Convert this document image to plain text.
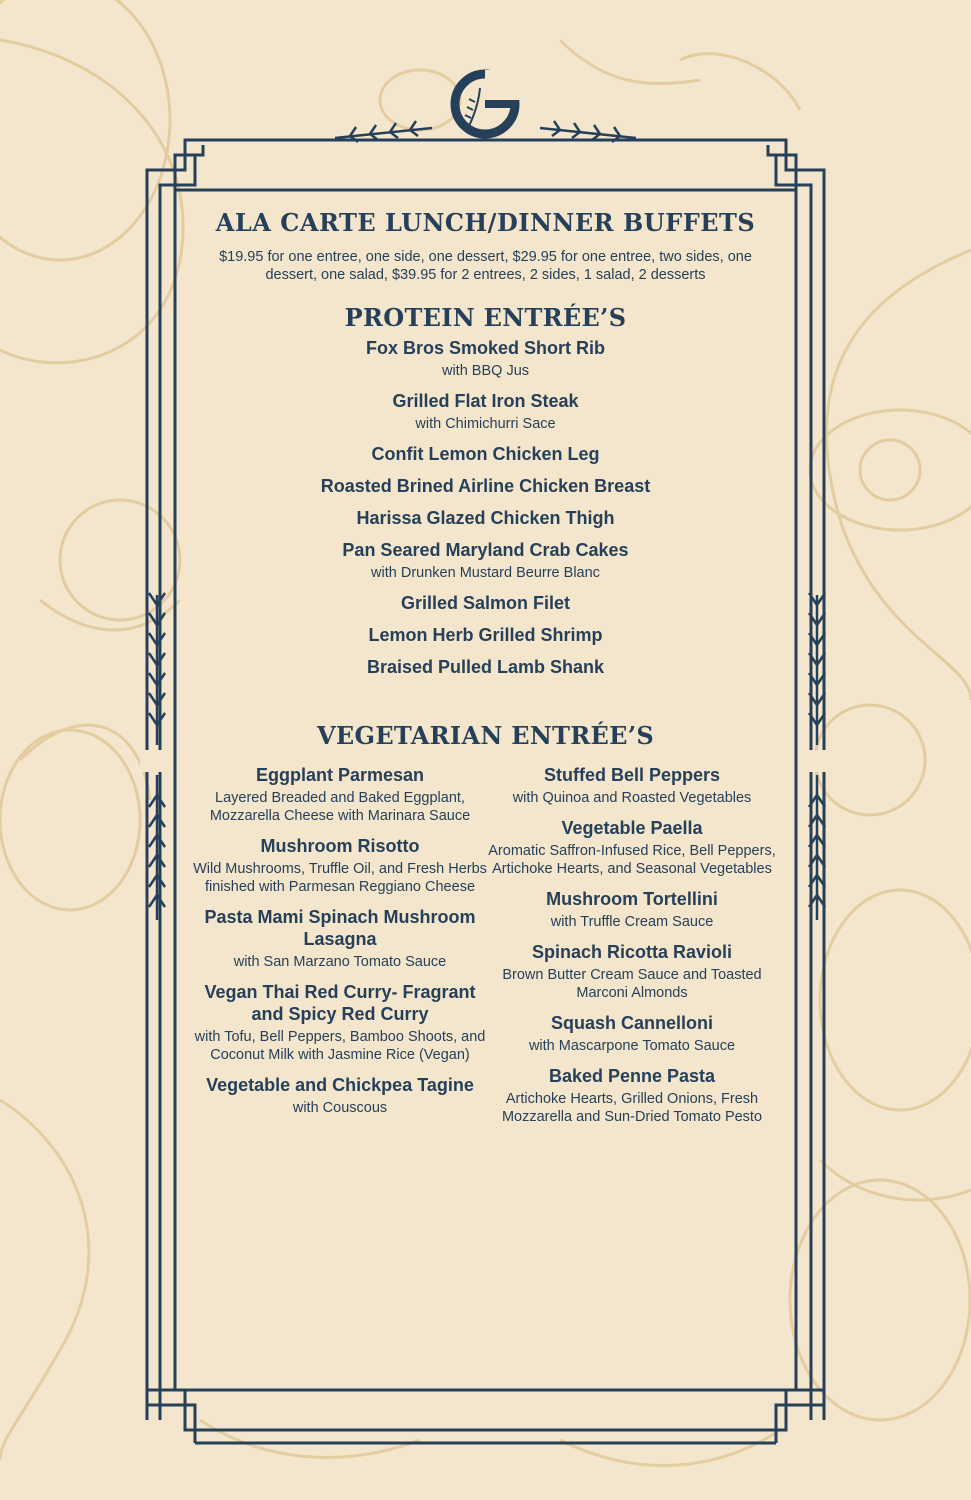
ALA CARTE LUNCH/DINNER BUFFETS

$19.95 for one entree, one side, one dessert, $29.95 for one entree, two sides, one dessert, one salad, $39.95 for 2 entrees, 2 sides, 1 salad, 2 desserts

PROTEIN ENTRÉE’S
Fox Bros Smoked Short Rib
with BBQ Jus
Grilled Flat Iron Steak
with Chimichurri Sace
Confit Lemon Chicken Leg
Roasted Brined Airline Chicken Breast
Harissa Glazed Chicken Thigh
Pan Seared Maryland Crab Cakes
with Drunken Mustard Beurre Blanc
Grilled Salmon Filet
Lemon Herb Grilled Shrimp
Braised Pulled Lamb Shank
VEGETARIAN ENTRÉE’S
Eggplant Parmesan
Layered Breaded and Baked Eggplant, Mozzarella Cheese with Marinara Sauce
Mushroom Risotto
Wild Mushrooms, Truffle Oil, and Fresh Herbs finished with Parmesan Reggiano Cheese
Pasta Mami Spinach Mushroom Lasagna
with San Marzano Tomato Sauce
Vegan Thai Red Curry- Fragrant and Spicy Red Curry
with Tofu, Bell Peppers, Bamboo Shoots, and Coconut Milk with Jasmine Rice (Vegan)
Vegetable and Chickpea Tagine
with Couscous
Stuffed Bell Peppers
with Quinoa and Roasted Vegetables
Vegetable Paella
Aromatic Saffron-Infused Rice, Bell Peppers, Artichoke Hearts, and Seasonal Vegetables
Mushroom Tortellini
with Truffle Cream Sauce
Spinach Ricotta Ravioli
Brown Butter Cream Sauce and Toasted Marconi Almonds
Squash Cannelloni
with Mascarpone Tomato Sauce
Baked Penne Pasta
Artichoke Hearts, Grilled Onions, Fresh Mozzarella and Sun-Dried Tomato Pesto
